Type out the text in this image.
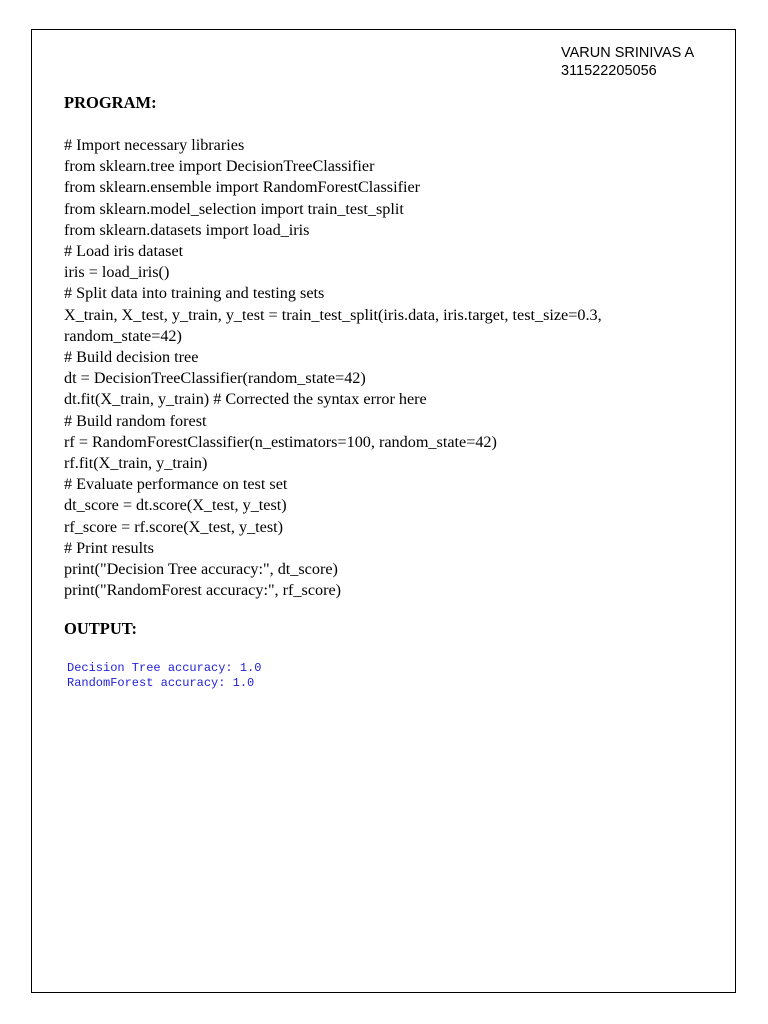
VARUN SRINIVAS A
311522205056
PROGRAM:
# Import necessary libraries
from sklearn.tree import DecisionTreeClassifier
from sklearn.ensemble import RandomForestClassifier
from sklearn.model_selection import train_test_split
from sklearn.datasets import load_iris
# Load iris dataset
iris = load_iris()
# Split data into training and testing sets
X_train, X_test, y_train, y_test = train_test_split(iris.data, iris.target, test_size=0.3,
random_state=42)
# Build decision tree
dt = DecisionTreeClassifier(random_state=42)
dt.fit(X_train, y_train) # Corrected the syntax error here
# Build random forest
rf = RandomForestClassifier(n_estimators=100, random_state=42)
rf.fit(X_train, y_train)
# Evaluate performance on test set
dt_score = dt.score(X_test, y_test)
rf_score = rf.score(X_test, y_test)
# Print results
print("Decision Tree accuracy:", dt_score)
print("RandomForest accuracy:", rf_score)
OUTPUT:
Decision Tree accuracy: 1.0
RandomForest accuracy: 1.0
